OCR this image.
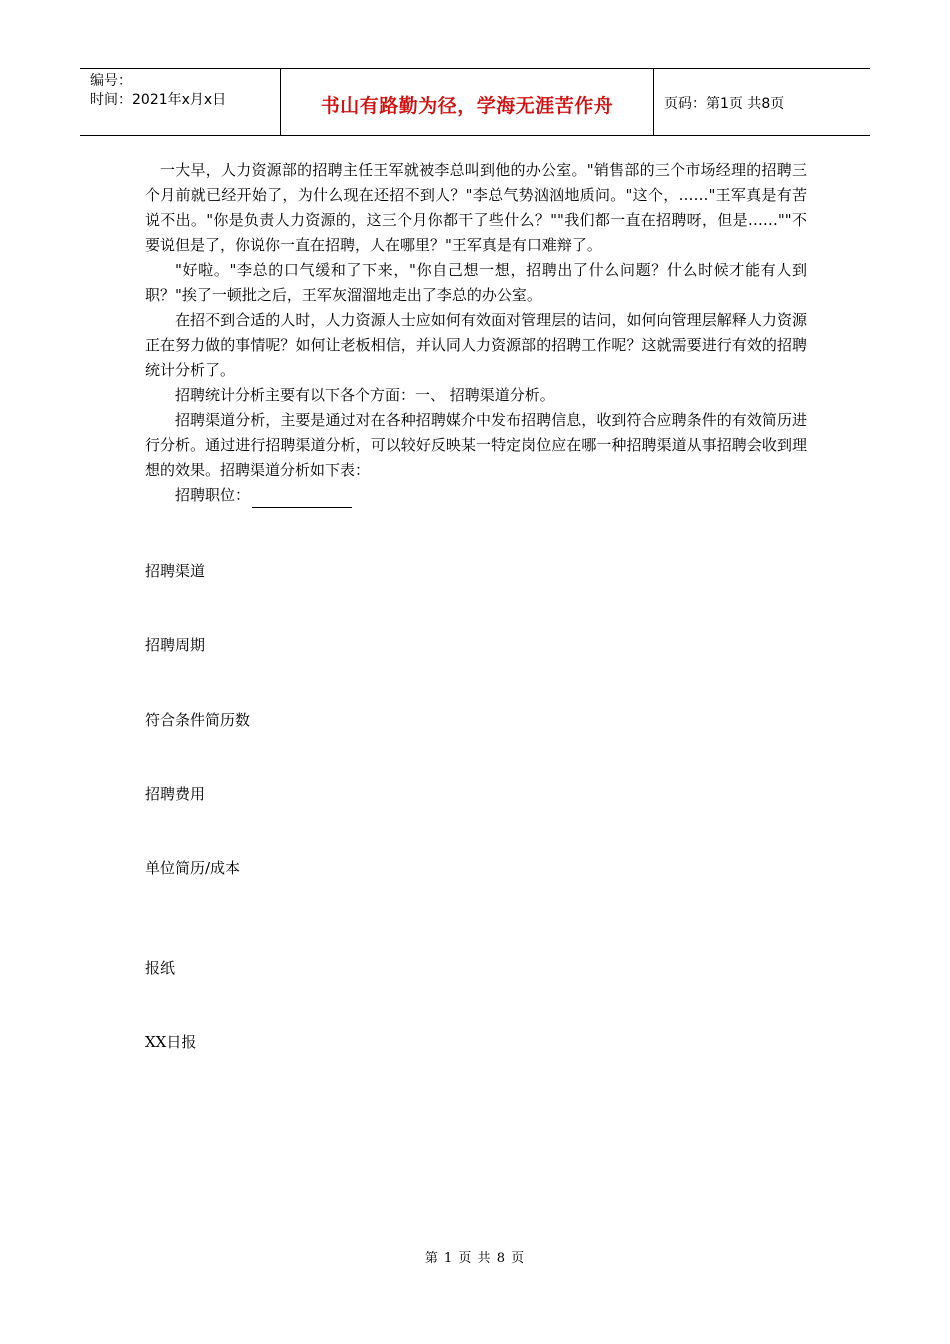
编号：
时间：2021年x月x日	书山有路勤为径，学海无涯苦作舟	页码：第1页 共8页

一大早，人力资源部的招聘主任王军就被李总叫到他的办公室。"销售部的三个市场经理的招聘三个月前就已经开始了，为什么现在还招不到人？"李总气势汹汹地质问。"这个，……"王军真是有苦说不出。"你是负责人力资源的，这三个月你都干了些什么？""我们都一直在招聘呀，但是……""不要说但是了，你说你一直在招聘，人在哪里？"王军真是有口难辩了。

"好啦。"李总的口气缓和了下来，"你自己想一想，招聘出了什么问题？什么时候才能有人到职？"挨了一顿批之后，王军灰溜溜地走出了李总的办公室。

在招不到合适的人时，人力资源人士应如何有效面对管理层的诘问，如何向管理层解释人力资源正在努力做的事情呢？如何让老板相信，并认同人力资源部的招聘工作呢？这就需要进行有效的招聘统计分析了。

招聘统计分析主要有以下各个方面：一、 招聘渠道分析。

招聘渠道分析，主要是通过对在各种招聘媒介中发布招聘信息，收到符合应聘条件的有效简历进行分析。通过进行招聘渠道分析，可以较好反映某一特定岗位应在哪一种招聘渠道从事招聘会收到理想的效果。招聘渠道分析如下表：

招聘职位：

招聘渠道
招聘周期
符合条件简历数
招聘费用
单位简历/成本
报纸
XX日报
第 1 页 共 8 页
